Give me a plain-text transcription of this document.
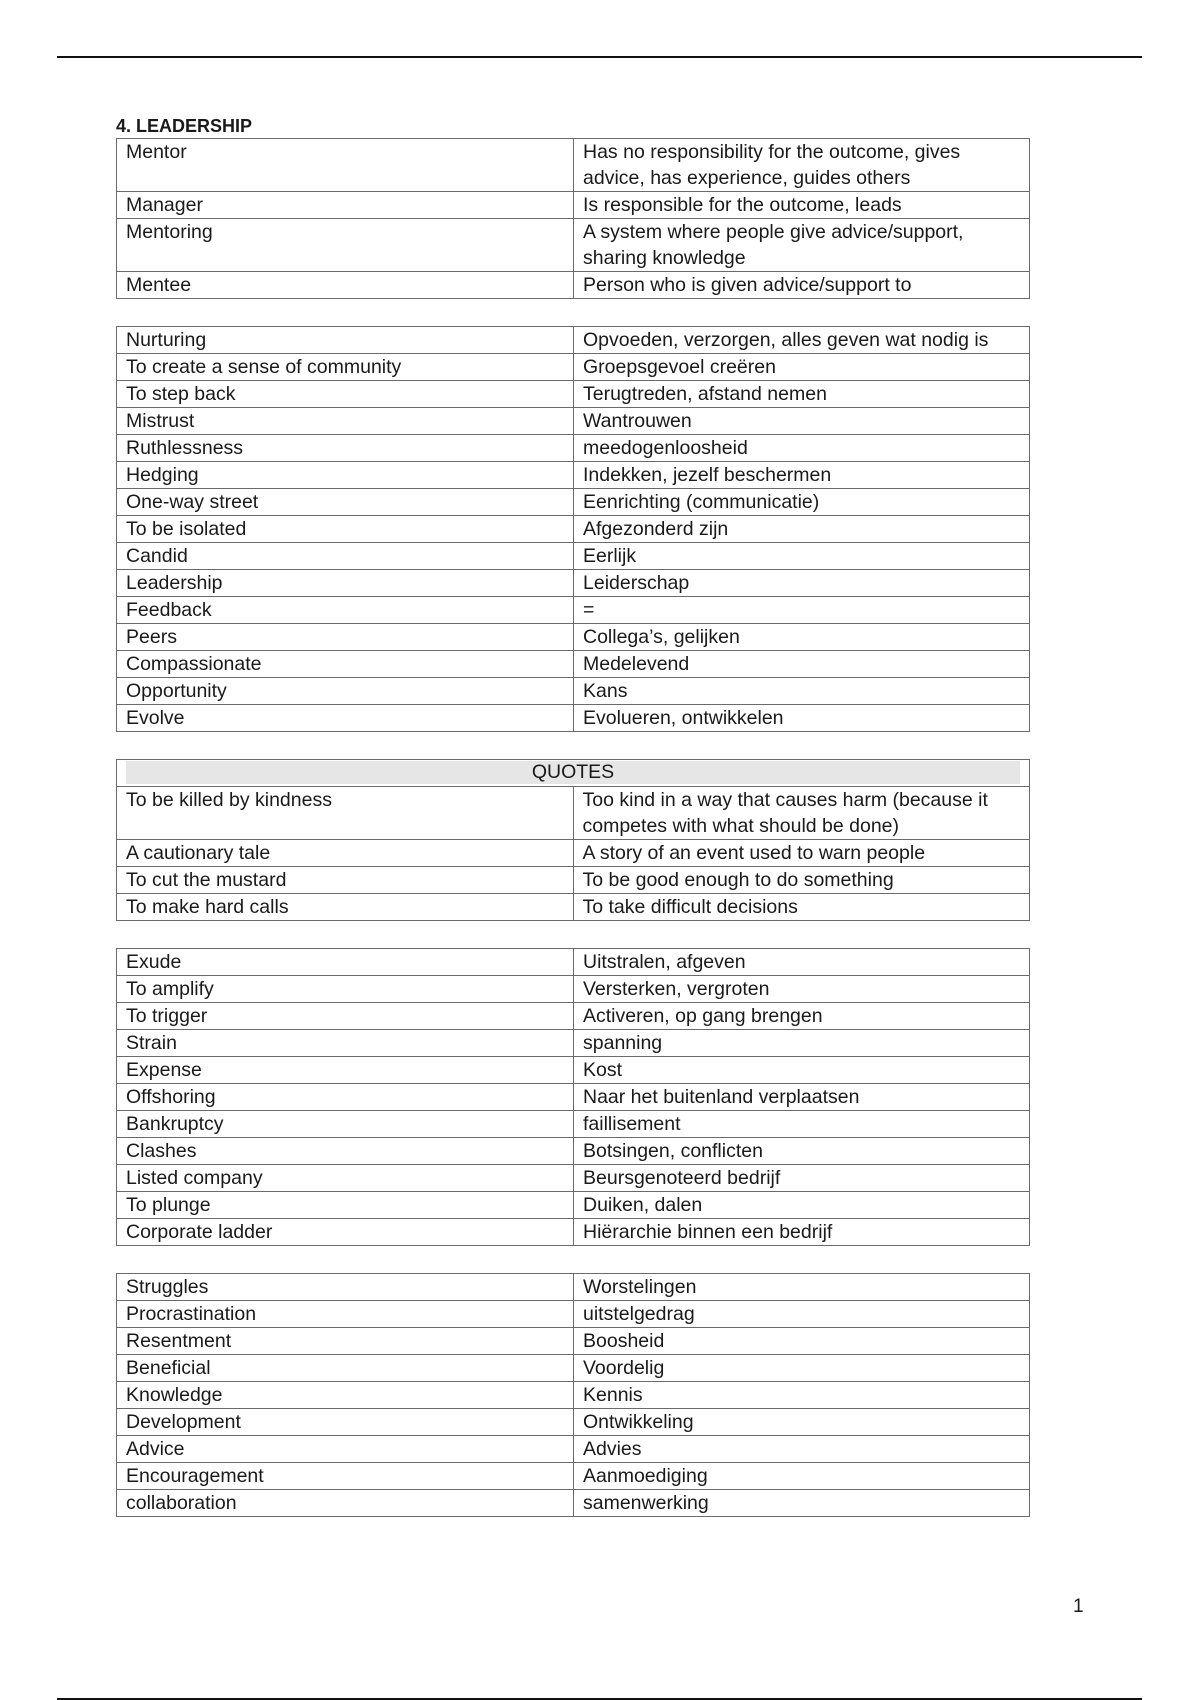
4. LEADERSHIP
Mentor	Has no responsibility for the outcome, gives advice, has experience, guides others
Manager	Is responsible for the outcome, leads
Mentoring	A system where people give advice/support, sharing knowledge
Mentee	Person who is given advice/support to
Nurturing	Opvoeden, verzorgen, alles geven wat nodig is
To create a sense of community	Groepsgevoel creëren
To step back	Terugtreden, afstand nemen
Mistrust	Wantrouwen
Ruthlessness	meedogenloosheid
Hedging	Indekken, jezelf beschermen
One-way street	Eenrichting (communicatie)
To be isolated	Afgezonderd zijn
Candid	Eerlijk
Leadership	Leiderschap
Feedback	=
Peers	Collega’s, gelijken
Compassionate	Medelevend
Opportunity	Kans
Evolve	Evolueren, ontwikkelen
QUOTES	

To be killed by kindness	Too kind in a way that causes harm (because it competes with what should be done)
A cautionary tale	A story of an event used to warn people
To cut the mustard	To be good enough to do something
To make hard calls	To take difficult decisions
Exude	Uitstralen, afgeven
To amplify	Versterken, vergroten
To trigger	Activeren, op gang brengen
Strain	spanning
Expense	Kost
Offshoring	Naar het buitenland verplaatsen
Bankruptcy	faillisement
Clashes	Botsingen, conflicten
Listed company	Beursgenoteerd bedrijf
To plunge	Duiken, dalen
Corporate ladder	Hiërarchie binnen een bedrijf
Struggles	Worstelingen
Procrastination	uitstelgedrag
Resentment	Boosheid
Beneficial	Voordelig
Knowledge	Kennis
Development	Ontwikkeling
Advice	Advies
Encouragement	Aanmoediging
collaboration	samenwerking
1
